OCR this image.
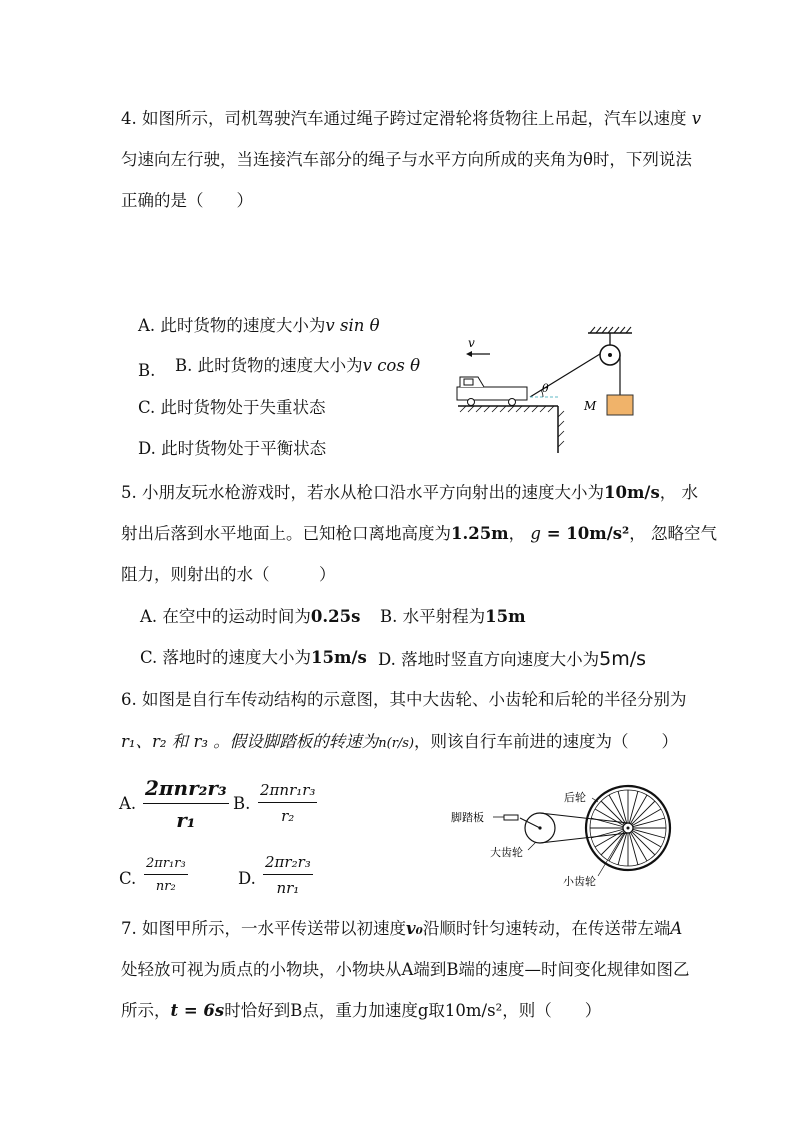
4. 如图所示，司机驾驶汽车通过绳子跨过定滑轮将货物往上吊起，汽车以速度 v
匀速向左行驶，当连接汽车部分的绳子与水平方向所成的夹角为θ时，下列说法
正确的是（　　）
A. 此时货物的速度大小为v sin θ
B. B. 此时货物的速度大小为v cos θ
C. 此时货物处于失重状态
D. 此时货物处于平衡状态
M
v
θ
5. 小朋友玩水枪游戏时，若水从枪口沿水平方向射出的速度大小为10m/s， 水
射出后落到水平地面上。已知枪口离地高度为1.25m， g = 10m/s²， 忽略空气
阻力，则射出的水（　　　）
A. 在空中的运动时间为0.25s B. 水平射程为15m
C. 落地时的速度大小为15m/s D. 落地时竖直方向速度大小为5m/s
6. 如图是自行车传动结构的示意图，其中大齿轮、小齿轮和后轮的半径分别为
r₁、r₂ 和 r₃ 。假设脚踏板的转速为n(r/s)，则该自行车前进的速度为（　　）
A.
2πnr₂r₃
r₁
B.
2πnr₁r₃
r₂
C. $\frac{\text{2πr₁r₃}}{\text{nr₂}}$	D. $\frac{\text{2πr₂r₃}}{\text{nr₁}}$
脚踏板
大齿轮
后轮
小齿轮
7. 如图甲所示，一水平传送带以初速度v₀沿顺时针匀速转动，在传送带左端A
处轻放可视为质点的小物块，小物块从A端到B端的速度—时间变化规律如图乙
所示，t = 6s时恰好到B点，重力加速度g取10m/s²，则（　　）
